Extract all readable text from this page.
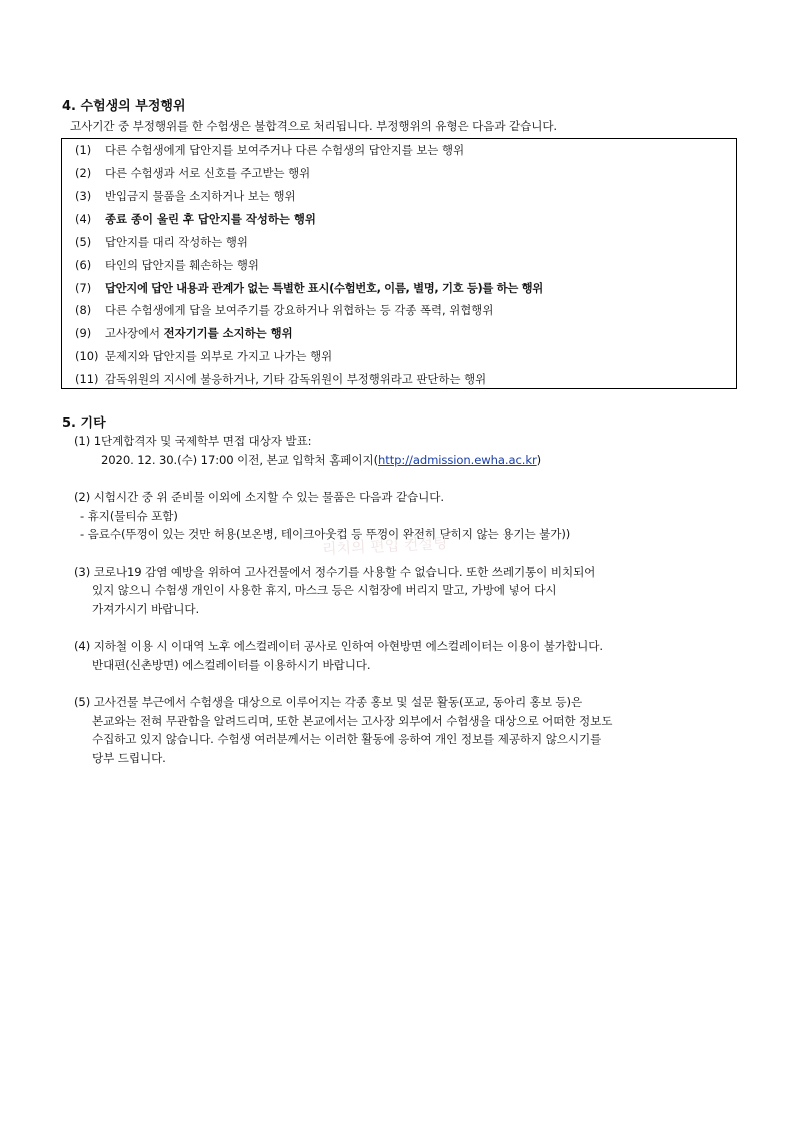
4. 수험생의 부정행위
고사기간 중 부정행위를 한 수험생은 불합격으로 처리됩니다. 부정행위의 유형은 다음과 같습니다.
(1) 다른 수험생에게 답안지를 보여주거나 다른 수험생의 답안지를 보는 행위
(2) 다른 수험생과 서로 신호를 주고받는 행위
(3) 반입금지 물품을 소지하거나 보는 행위
(4) 종료 종이 울린 후 답안지를 작성하는 행위
(5) 답안지를 대리 작성하는 행위
(6) 타인의 답안지를 훼손하는 행위
(7) 답안지에 답안 내용과 관계가 없는 특별한 표시(수험번호, 이름, 별명, 기호 등)를 하는 행위
(8) 다른 수험생에게 답을 보여주기를 강요하거나 위협하는 등 각종 폭력, 위협행위
(9) 고사장에서 전자기기를 소지하는 행위
(10) 문제지와 답안지를 외부로 가지고 나가는 행위
(11) 감독위원의 지시에 불응하거나, 기타 감독위원이 부정행위라고 판단하는 행위
5. 기타
(1) 1단계합격자 및 국제학부 면접 대상자 발표:
2020. 12. 30.(수) 17:00 이전, 본교 입학처 홈페이지(http://admission.ewha.ac.kr)
(2) 시험시간 중 위 준비물 이외에 소지할 수 있는 물품은 다음과 같습니다.
- 휴지(물티슈 포함)
- 음료수(뚜껑이 있는 것만 허용(보온병, 테이크아웃컵 등 뚜껑이 완전히 닫히지 않는 용기는 불가))
리치의 편입 컨설팅
(3) 코로나19 감염 예방을 위하여 고사건물에서 정수기를 사용할 수 없습니다. 또한 쓰레기통이 비치되어
있지 않으니 수험생 개인이 사용한 휴지, 마스크 등은 시험장에 버리지 말고, 가방에 넣어 다시
가져가시기 바랍니다.
(4) 지하철 이용 시 이대역 노후 에스컬레이터 공사로 인하여 아현방면 에스컬레이터는 이용이 불가합니다.
반대편(신촌방면) 에스컬레이터를 이용하시기 바랍니다.
(5) 고사건물 부근에서 수험생을 대상으로 이루어지는 각종 홍보 및 설문 활동(포교, 동아리 홍보 등)은
본교와는 전혀 무관함을 알려드리며, 또한 본교에서는 고사장 외부에서 수험생을 대상으로 어떠한 정보도
수집하고 있지 않습니다. 수험생 여러분께서는 이러한 활동에 응하여 개인 정보를 제공하지 않으시기를
당부 드립니다.
